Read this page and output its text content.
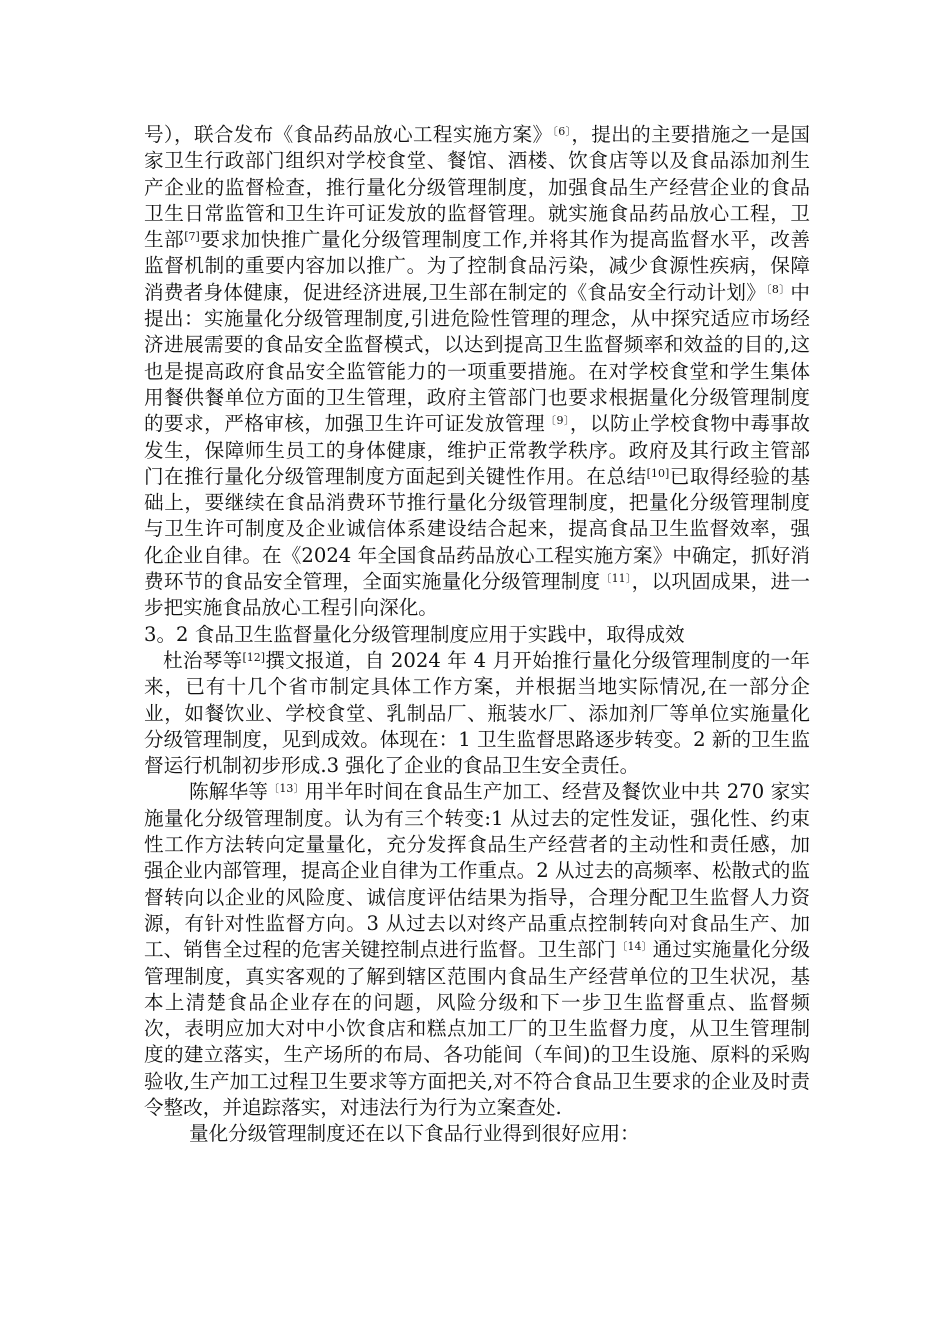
号），联合发布《食品药品放心工程实施方案》$^{〔6〕}$，提出的主要措施之一是国家卫生行政部门组织对学校食堂、餐馆、酒楼、饮食店等以及食品添加剂生产企业的监督检查，推行量化分级管理制度，加强食品生产经营企业的食品卫生日常监管和卫生许可证发放的监督管理。就实施食品药品放心工程，卫生部[7]要求加快推广量化分级管理制度工作,并将其作为提高监督水平，改善监督机制的重要内容加以推广。为了控制食品污染，减少食源性疾病，保障消费者身体健康，促进经济进展,卫生部在制定的《食品安全行动计划》$^{〔8〕}$中提出：实施量化分级管理制度,引进危险性管理的理念，从中探究适应市场经济进展需要的食品安全监督模式，以达到提高卫生监督频率和效益的目的,这也是提高政府食品安全监管能力的一项重要措施。在对学校食堂和学生集体用餐供餐单位方面的卫生管理，政府主管部门也要求根据量化分级管理制度的要求，严格审核，加强卫生许可证发放管理$^{〔9〕}$，以防止学校食物中毒事故发生，保障师生员工的身体健康，维护正常教学秩序。政府及其行政主管部门在推行量化分级管理制度方面起到关键性作用。在总结[10]已取得经验的基础上，要继续在食品消费环节推行量化分级管理制度，把量化分级管理制度与卫生许可制度及企业诚信体系建设结合起来，提高食品卫生监督效率，强化企业自律。在《2024 年全国食品药品放心工程实施方案》中确定，抓好消费环节的食品安全管理，全面实施量化分级管理制度$^{〔11〕}$，以巩固成果，进一步把实施食品放心工程引向深化。

3。2 食品卫生监督量化分级管理制度应用于实践中，取得成效

杜治琴等[12]撰文报道，自 2024 年 4 月开始推行量化分级管理制度的一年来，已有十几个省市制定具体工作方案，并根据当地实际情况,在一部分企业，如餐饮业、学校食堂、乳制品厂、瓶装水厂、添加剂厂等单位实施量化分级管理制度，见到成效。体现在：1 卫生监督思路逐步转变。2 新的卫生监督运行机制初步形成.3 强化了企业的食品卫生安全责任。

陈解华等$^{〔13〕}$用半年时间在食品生产加工、经营及餐饮业中共 270 家实施量化分级管理制度。认为有三个转变:1 从过去的定性发证，强化性、约束性工作方法转向定量量化，充分发挥食品生产经营者的主动性和责任感，加强企业内部管理，提高企业自律为工作重点。2 从过去的高频率、松散式的监督转向以企业的风险度、诚信度评估结果为指导，合理分配卫生监督人力资源，有针对性监督方向。3 从过去以对终产品重点控制转向对食品生产、加工、销售全过程的危害关键控制点进行监督。卫生部门$^{〔14〕}$通过实施量化分级管理制度，真实客观的了解到辖区范围内食品生产经营单位的卫生状况，基本上清楚食品企业存在的问题，风险分级和下一步卫生监督重点、监督频次，表明应加大对中小饮食店和糕点加工厂的卫生监督力度，从卫生管理制度的建立落实，生产场所的布局、各功能间（车间)的卫生设施、原料的采购验收,生产加工过程卫生要求等方面把关,对不符合食品卫生要求的企业及时责令整改，并追踪落实，对违法行为行为立案查处.

量化分级管理制度还在以下食品行业得到很好应用：
